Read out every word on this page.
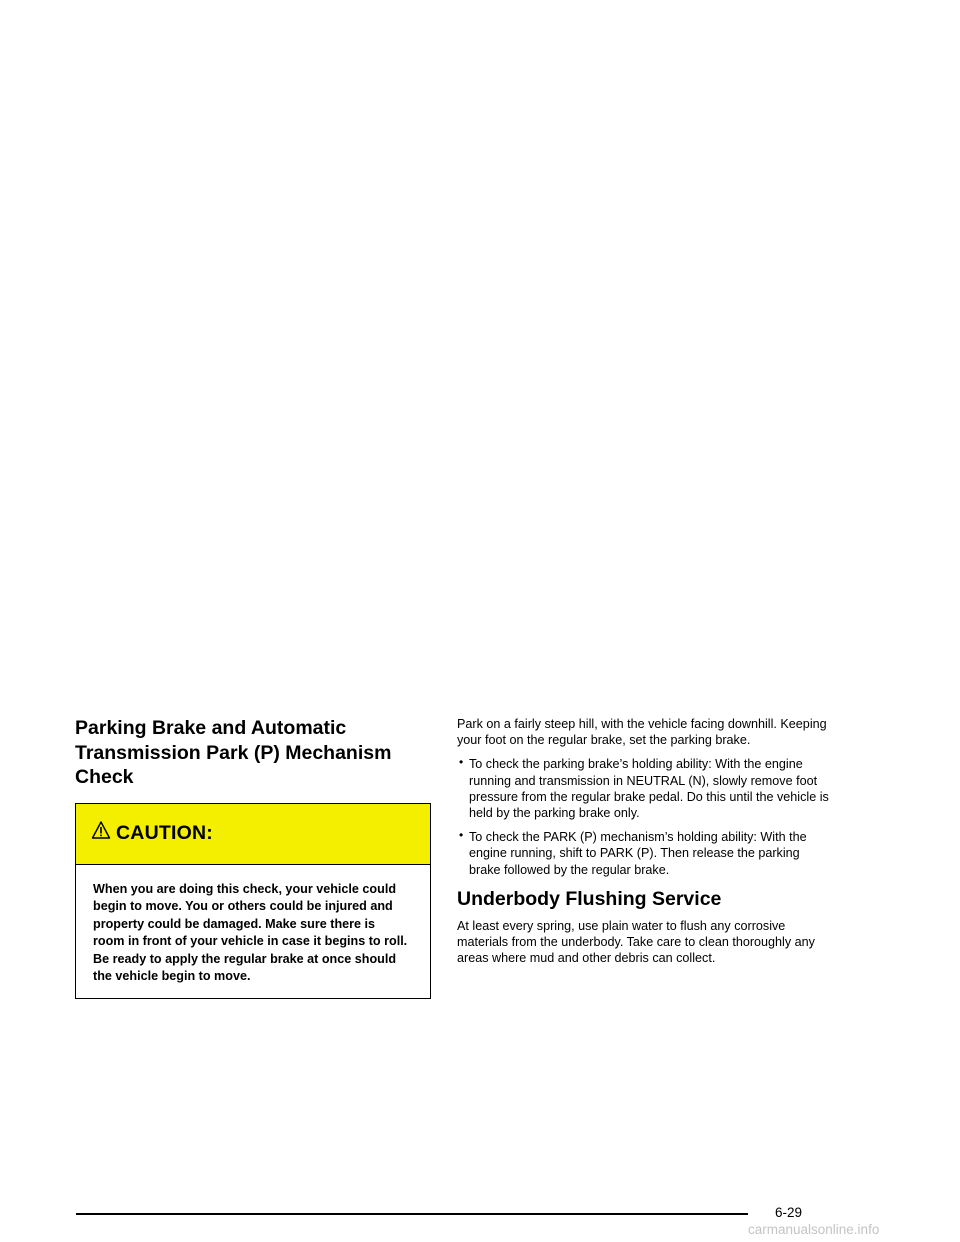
Parking Brake and Automatic
Transmission Park (P) Mechanism
Check
CAUTION:
When you are doing this check, your vehicle could begin to move. You or others could be injured and property could be damaged. Make sure there is room in front of your vehicle in case it begins to roll. Be ready to apply the regular brake at once should the vehicle begin to move.

Park on a fairly steep hill, with the vehicle facing downhill. Keeping your foot on the regular brake, set the parking brake.

• To check the parking brake’s holding ability: With the engine running and transmission in NEUTRAL (N), slowly remove foot pressure from the regular brake pedal. Do this until the vehicle is held by the parking brake only.
• To check the PARK (P) mechanism’s holding ability: With the engine running, shift to PARK (P). Then release the parking brake followed by the regular brake.
Underbody Flushing Service

At least every spring, use plain water to flush any corrosive materials from the underbody. Take care to clean thoroughly any areas where mud and other debris can collect.

6-29
carmanualsonline.info
